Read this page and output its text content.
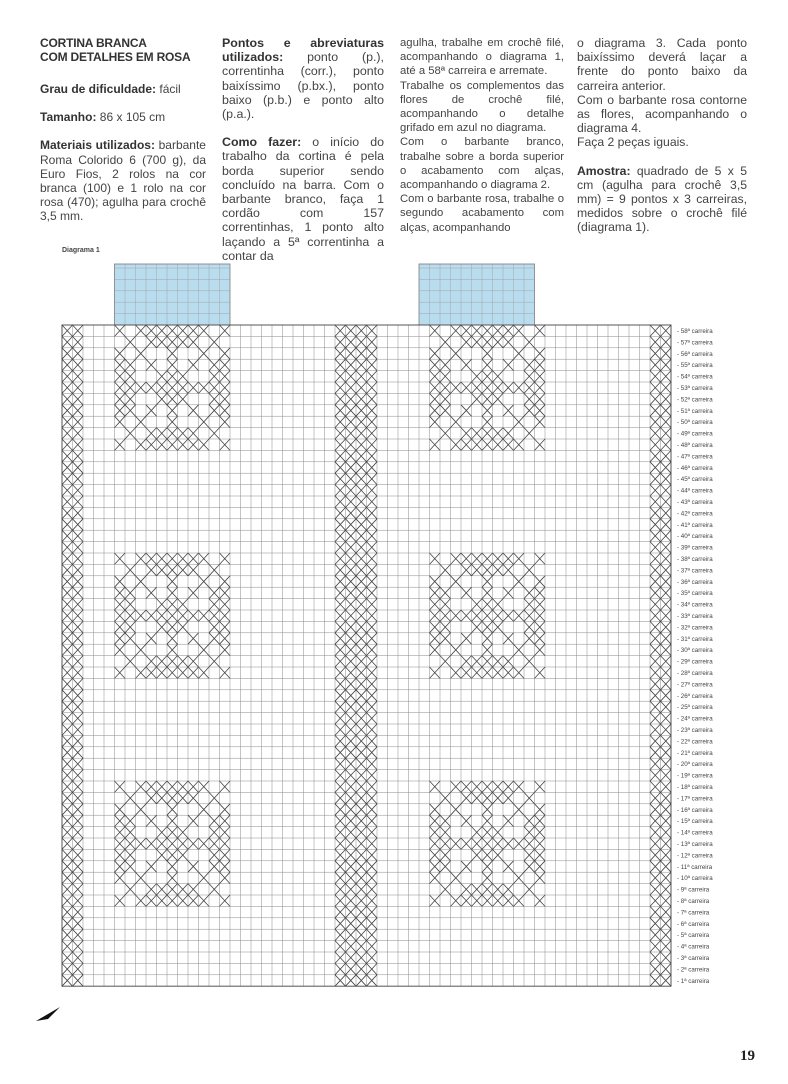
CORTINA BRANCA

COM DETALHES EM ROSA

Grau de dificuldade: fácil

Tamanho: 86 x 105 cm

Materiais utilizados: barbante Roma Colorido 6 (700 g), da Euro Fios, 2 rolos na cor branca (100) e 1 rolo na cor rosa (470); agulha para crochê 3,5 mm.

Pontos e abreviaturas utilizados: ponto (p.), correntinha (corr.), ponto baixíssimo (p.bx.), ponto baixo (p.b.) e ponto alto (p.a.).

Como fazer: o início do trabalho da cortina é pela borda superior sendo concluído na barra. Com o barbante branco, faça 1 cordão com 157 correntinhas, 1 ponto alto laçando a 5ª correntinha a contar da

agulha, trabalhe em crochê filé, acompanhando o diagrama 1, até a 58ª carreira e arremate.

Trabalhe os complementos das flores de crochê filé, acompanhando o detalhe grifado em azul no diagrama.

Com o barbante branco, trabalhe sobre a borda superior o acabamento com alças, acompanhando o diagrama 2.

Com o barbante rosa, trabalhe o segundo acabamento com alças, acompanhando

o diagrama 3. Cada ponto baixíssimo deverá laçar a frente do ponto baixo da carreira anterior.

Com o barbante rosa contorne as flores, acompanhando o diagrama 4.

Faça 2 peças iguais.

Amostra: quadrado de 5 x 5 cm (agulha para crochê 3,5 mm) = 9 pontos x 3 carreiras, medidos sobre o crochê filé (diagrama 1).

Diagrama 1
- 1ª carreira
- 2ª carreira
- 3ª carreira
- 4ª carreira
- 5ª carreira
- 6ª carreira
- 7ª carreira
- 8ª carreira
- 9ª carreira
- 10ª carreira
- 11ª carreira
- 12ª carreira
- 13ª carreira
- 14ª carreira
- 15ª carreira
- 16ª carreira
- 17ª carreira
- 18ª carreira
- 19ª carreira
- 20ª carreira
- 21ª carreira
- 22ª carreira
- 23ª carreira
- 24ª carreira
- 25ª carreira
- 26ª carreira
- 27ª carreira
- 28ª carreira
- 29ª carreira
- 30ª carreira
- 31ª carreira
- 32ª carreira
- 33ª carreira
- 34ª carreira
- 35ª carreira
- 36ª carreira
- 37ª carreira
- 38ª carreira
- 39ª carreira
- 40ª carreira
- 41ª carreira
- 42ª carreira
- 43ª carreira
- 44ª carreira
- 45ª carreira
- 46ª carreira
- 47ª carreira
- 48ª carreira
- 49ª carreira
- 50ª carreira
- 51ª carreira
- 52ª carreira
- 53ª carreira
- 54ª carreira
- 55ª carreira
- 56ª carreira
- 57ª carreira
- 58ª carreira
19
